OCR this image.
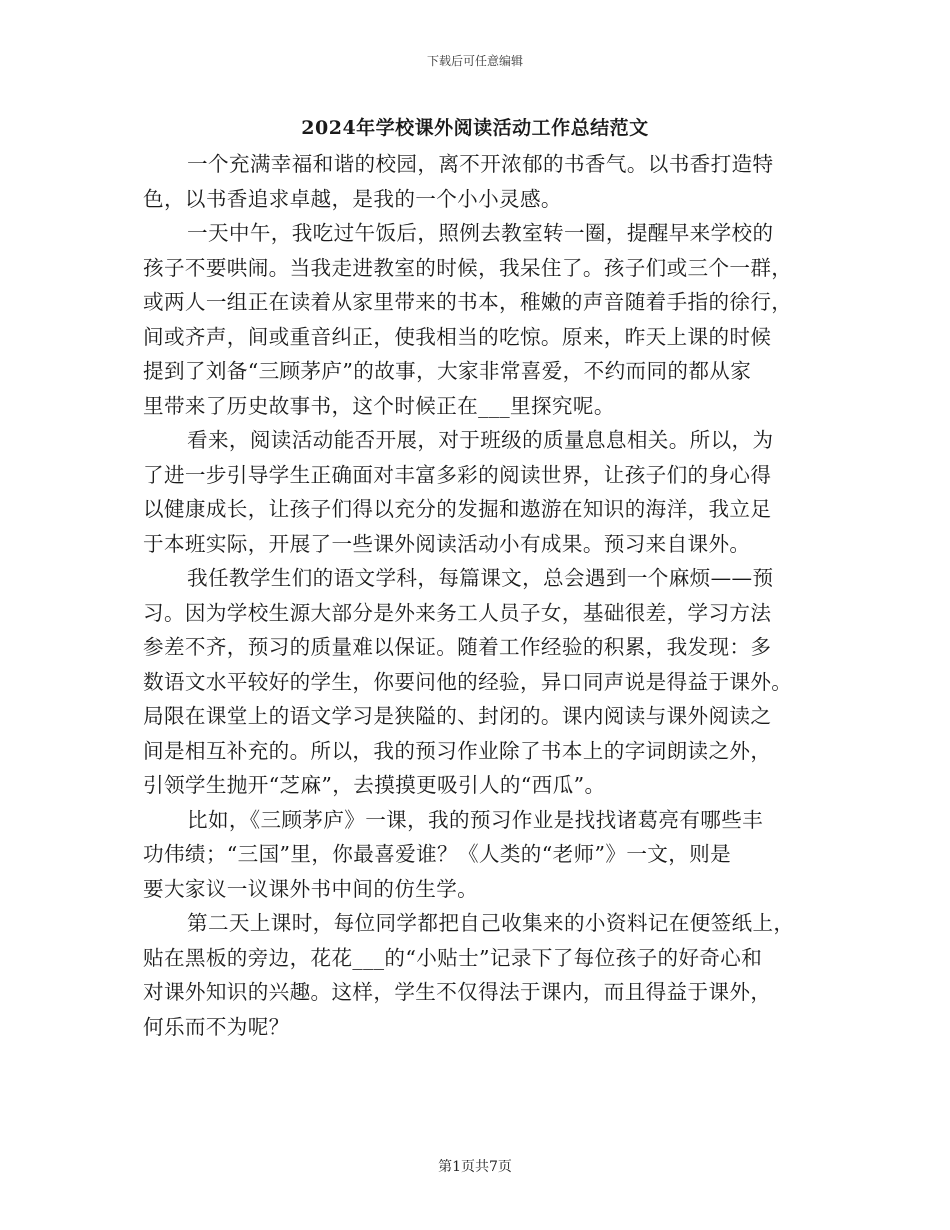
下载后可任意编辑
2024年学校课外阅读活动工作总结范文
一个充满幸福和谐的校园，离不开浓郁的书香气。以书香打造特
色，以书香追求卓越，是我的一个小小灵感。
一天中午，我吃过午饭后，照例去教室转一圈，提醒早来学校的
孩子不要哄闹。当我走进教室的时候，我呆住了。孩子们或三个一群，
或两人一组正在读着从家里带来的书本，稚嫩的声音随着手指的徐行，
间或齐声，间或重音纠正，使我相当的吃惊。原来，昨天上课的时候
提到了刘备“三顾茅庐”的故事，大家非常喜爱，不约而同的都从家
里带来了历史故事书，这个时候正在___里探究呢。
看来，阅读活动能否开展，对于班级的质量息息相关。所以，为
了进一步引导学生正确面对丰富多彩的阅读世界，让孩子们的身心得
以健康成长，让孩子们得以充分的发掘和遨游在知识的海洋，我立足
于本班实际，开展了一些课外阅读活动小有成果。预习来自课外。
我任教学生们的语文学科，每篇课文，总会遇到一个麻烦——预
习。因为学校生源大部分是外来务工人员子女，基础很差，学习方法
参差不齐，预习的质量难以保证。随着工作经验的积累，我发现：多
数语文水平较好的学生，你要问他的经验，异口同声说是得益于课外。
局限在课堂上的语文学习是狭隘的、封闭的。课内阅读与课外阅读之
间是相互补充的。所以，我的预习作业除了书本上的字词朗读之外，
引领学生抛开“芝麻”，去摸摸更吸引人的“西瓜”。
比如，《三顾茅庐》一课，我的预习作业是找找诸葛亮有哪些丰
功伟绩；“三国”里，你最喜爱谁？《人类的“老师”》一文，则是
要大家议一议课外书中间的仿生学。
第二天上课时，每位同学都把自己收集来的小资料记在便签纸上，
贴在黑板的旁边，花花___的“小贴士”记录下了每位孩子的好奇心和
对课外知识的兴趣。这样，学生不仅得法于课内，而且得益于课外，
何乐而不为呢？
第1页共7页
